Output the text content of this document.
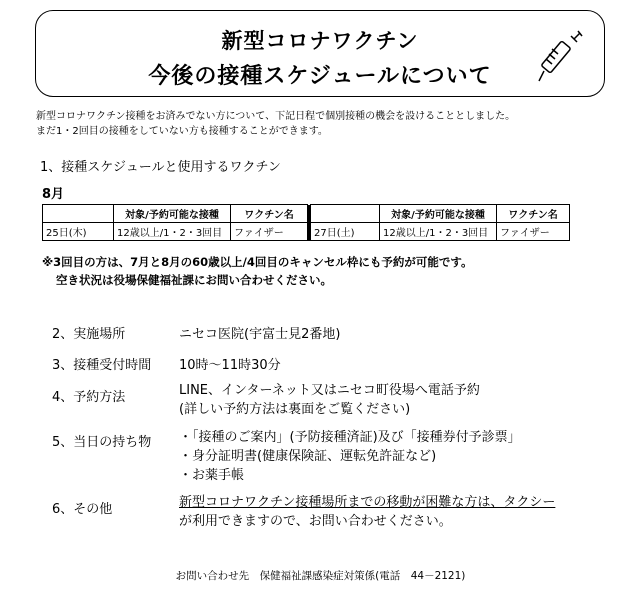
新型コロナワクチン
今後の接種スケジュールについて
新型コロナワクチン接種をお済みでない方について、下記日程で個別接種の機会を設けることとしました。
まだ1・2回目の接種をしていない方も接種することができます。
1、接種スケジュールと使用するワクチン
8月
	対象/予約可能な接種	ワクチン名			対象/予約可能な接種	ワクチン名
25日(木)	12歳以上/1・2・3回目	ファイザー		27日(土)	12歳以上/1・2・3回目	ファイザー
※3回目の方は、7月と8月の60歳以上/4回目のキャンセル枠にも予約が可能です。
空き状況は役場保健福祉課にお問い合わせください。
2、実施場所	ニセコ医院(宇富士見2番地)
3、接種受付時間 10時～11時30分
4、予約方法	LINE、インターネット又はニセコ町役場へ電話予約
(詳しい予約方法は裏面をご覧ください)
5、当日の持ち物 ・「接種のご案内」(予防接種済証)及び「接種券付予診票」
・身分証明書(健康保険証、運転免許証など)
・お薬手帳
6、その他	新型コロナワクチン接種場所までの移動が困難な方は、タクシー
が利用できますので、お問い合わせください。
お問い合わせ先　保健福祉課感染症対策係(電話　44－2121)
